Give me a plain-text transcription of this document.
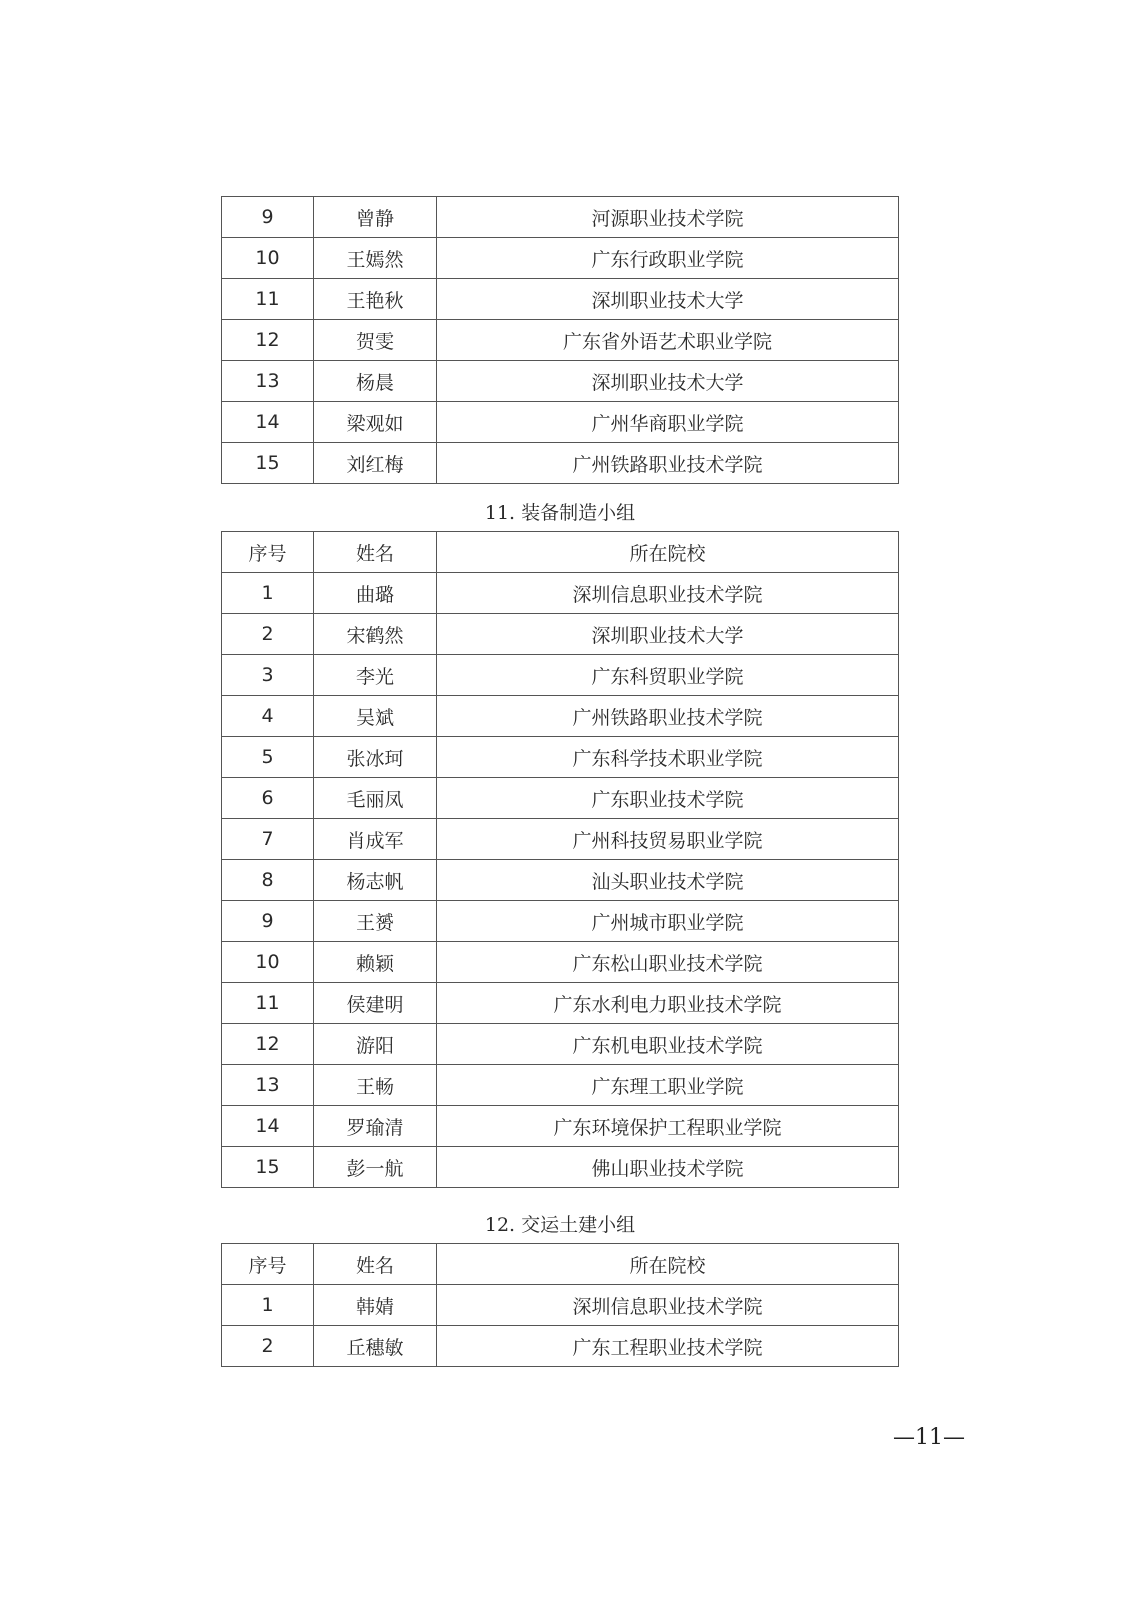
9	曾静	河源职业技术学院
10	王嫣然	广东行政职业学院
11	王艳秋	深圳职业技术大学
12	贺雯	广东省外语艺术职业学院
13	杨晨	深圳职业技术大学
14	梁观如	广州华商职业学院
15	刘红梅	广州铁路职业技术学院
11. 装备制造小组
序号	姓名	所在院校
1	曲璐	深圳信息职业技术学院
2	宋鹤然	深圳职业技术大学
3	李光	广东科贸职业学院
4	吴斌	广州铁路职业技术学院
5	张冰珂	广东科学技术职业学院
6	毛丽凤	广东职业技术学院
7	肖成军	广州科技贸易职业学院
8	杨志帆	汕头职业技术学院
9	王赟	广州城市职业学院
10	赖颖	广东松山职业技术学院
11	侯建明	广东水利电力职业技术学院
12	游阳	广东机电职业技术学院
13	王畅	广东理工职业学院
14	罗瑜清	广东环境保护工程职业学院
15	彭一航	佛山职业技术学院
12. 交运土建小组
序号	姓名	所在院校
1	韩婧	深圳信息职业技术学院
2	丘穗敏	广东工程职业技术学院
—11—
